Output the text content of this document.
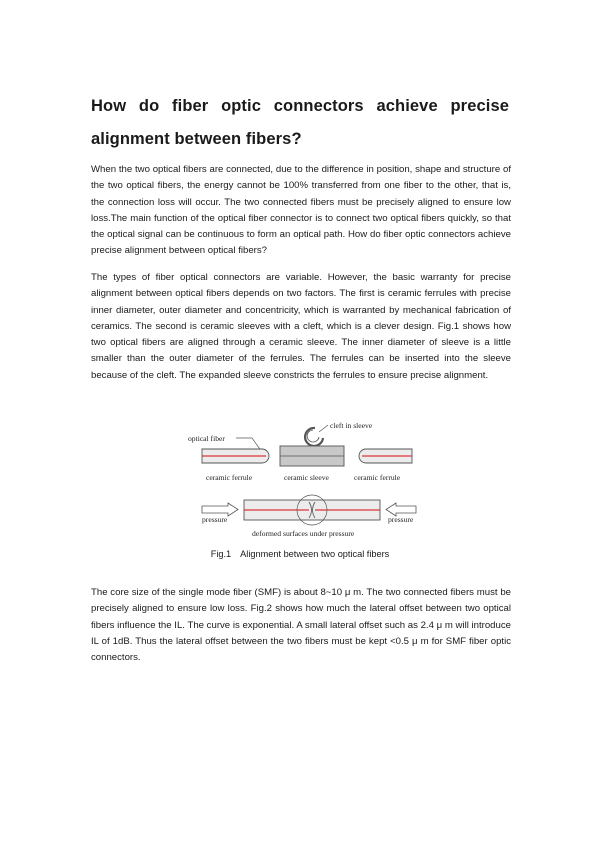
How do fiber optic connectors achieve precise alignment between fibers?

When the two optical fibers are connected, due to the difference in position, shape and structure of the two optical fibers, the energy cannot be 100% transferred from one fiber to the other, that is, the connection loss will occur. The two connected fibers must be precisely aligned to ensure low loss.The main function of the optical fiber connector is to connect two optical fibers quickly, so that the optical signal can be continuous to form an optical path. How do fiber optic connectors achieve precise alignment between optical fibers?

The types of fiber optical connectors are variable. However, the basic warranty for precise alignment between optical fibers depends on two factors. The first is ceramic ferrules with precise inner diameter, outer diameter and concentricity, which is warranted by mechanical fabrication of ceramics. The second is ceramic sleeves with a cleft, which is a clever design. Fig.1 shows how two optical fibers are aligned through a ceramic sleeve. The inner diameter of sleeve is a little smaller than the outer diameter of the ferrules. The ferrules can be inserted into the sleeve because of the cleft. The expanded sleeve constricts the ferrules to ensure precise alignment.

cleft in sleeve
optical fiber
ceramic ferrule	ceramic sleeve	ceramic ferrule
pressure	pressure
deformed surfaces under pressure
Fig.1 Alignment between two optical fibers

The core size of the single mode fiber (SMF) is about 8~10 μ m. The two connected fibers must be precisely aligned to ensure low loss. Fig.2 shows how much the lateral offset between two optical fibers influence the IL. The curve is exponential. A small lateral offset such as 2.4 μ m will introduce IL of 1dB. Thus the lateral offset between the two fibers must be kept <0.5 μ m for SMF fiber optic connectors.
